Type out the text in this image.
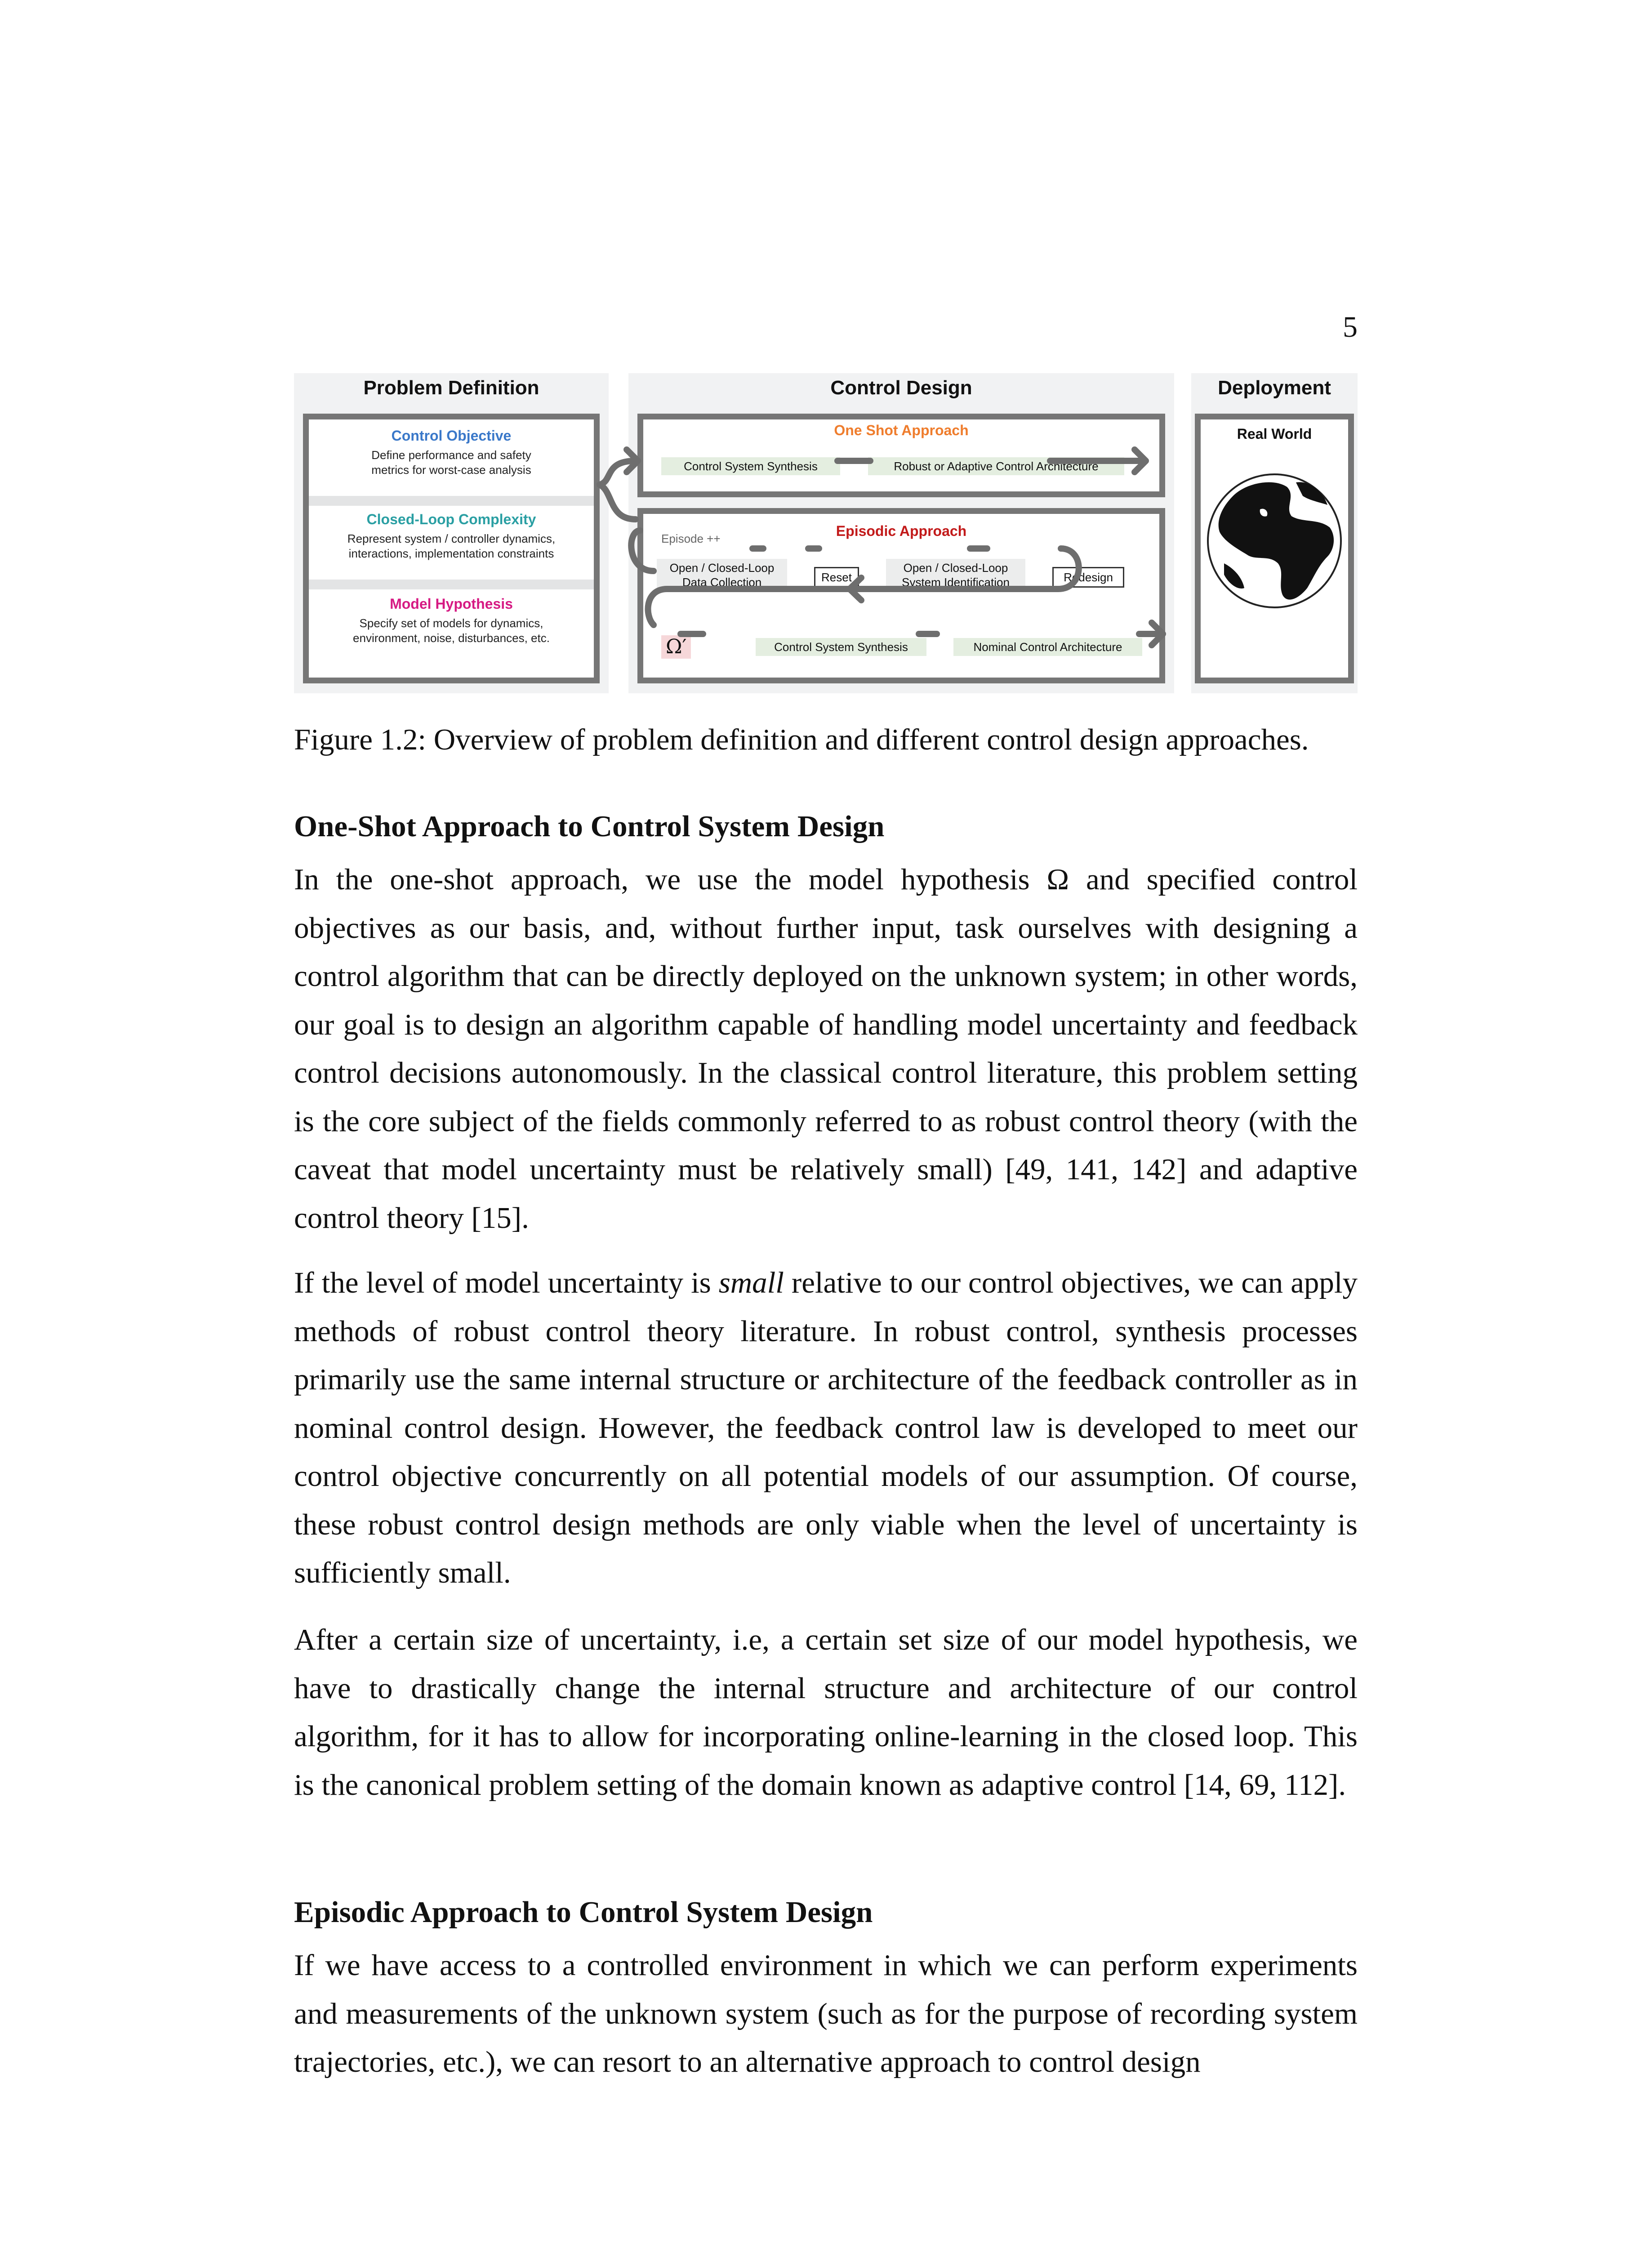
5
Problem Definition
Control Objective
Define performance and safety
metrics for worst-case analysis
Closed-Loop Complexity
Represent system / controller dynamics,
interactions, implementation constraints
Model Hypothesis
Specify set of models for dynamics,
environment, noise, disturbances, etc.
Control Design
One Shot Approach
Control System Synthesis	Robust or Adaptive Control Architecture
Episode ++	Episodic Approach
Open / Closed-Loop
Data Collection	Reset
Open / Closed-Loop
System Identification	Redesign
Ω′	Control System Synthesis	Nominal Control Architecture
Deployment
Real World
Figure 1.2: Overview of problem definition and different control design approaches.
One-Shot Approach to Control System Design

In the one-shot approach, we use the model hypothesis Ω and specified control objectives as our basis, and, without further input, task ourselves with designing a control algorithm that can be directly deployed on the unknown system; in other words, our goal is to design an algorithm capable of handling model uncertainty and feedback control decisions autonomously. In the classical control literature, this problem setting is the core subject of the fields commonly referred to as robust control theory (with the caveat that model uncertainty must be relatively small) [49, 141, 142] and adaptive control theory [15].

If the level of model uncertainty is small relative to our control objectives, we can apply methods of robust control theory literature. In robust control, synthesis processes primarily use the same internal structure or architecture of the feedback controller as in nominal control design. However, the feedback control law is developed to meet our control objective concurrently on all potential models of our assumption. Of course, these robust control design methods are only viable when the level of uncertainty is sufficiently small.

After a certain size of uncertainty, i.e, a certain set size of our model hypothesis, we have to drastically change the internal structure and architecture of our control algorithm, for it has to allow for incorporating online-learning in the closed loop. This is the canonical problem setting of the domain known as adaptive control [14, 69, 112].

Episodic Approach to Control System Design

If we have access to a controlled environment in which we can perform experiments and measurements of the unknown system (such as for the purpose of recording system trajectories, etc.), we can resort to an alternative approach to control design
